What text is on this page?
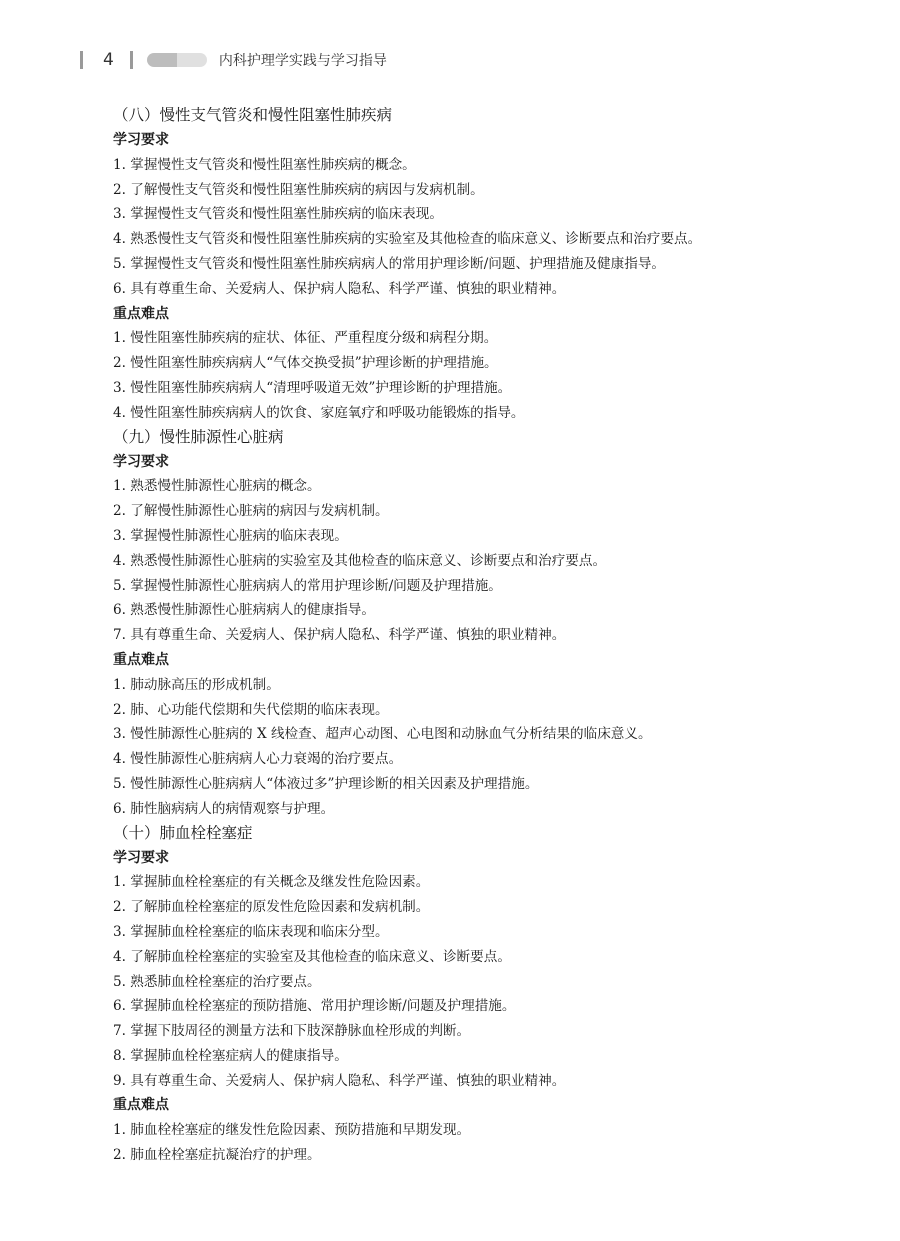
4	内科护理学实践与学习指导
（八）慢性支气管炎和慢性阻塞性肺疾病
学习要求
1. 掌握慢性支气管炎和慢性阻塞性肺疾病的概念。
2. 了解慢性支气管炎和慢性阻塞性肺疾病的病因与发病机制。
3. 掌握慢性支气管炎和慢性阻塞性肺疾病的临床表现。
4. 熟悉慢性支气管炎和慢性阻塞性肺疾病的实验室及其他检查的临床意义、诊断要点和治疗要点。
5. 掌握慢性支气管炎和慢性阻塞性肺疾病病人的常用护理诊断/问题、护理措施及健康指导。
6. 具有尊重生命、关爱病人、保护病人隐私、科学严谨、慎独的职业精神。
重点难点
1. 慢性阻塞性肺疾病的症状、体征、严重程度分级和病程分期。
2. 慢性阻塞性肺疾病病人“气体交换受损”护理诊断的护理措施。
3. 慢性阻塞性肺疾病病人“清理呼吸道无效”护理诊断的护理措施。
4. 慢性阻塞性肺疾病病人的饮食、家庭氧疗和呼吸功能锻炼的指导。
（九）慢性肺源性心脏病
学习要求
1. 熟悉慢性肺源性心脏病的概念。
2. 了解慢性肺源性心脏病的病因与发病机制。
3. 掌握慢性肺源性心脏病的临床表现。
4. 熟悉慢性肺源性心脏病的实验室及其他检查的临床意义、诊断要点和治疗要点。
5. 掌握慢性肺源性心脏病病人的常用护理诊断/问题及护理措施。
6. 熟悉慢性肺源性心脏病病人的健康指导。
7. 具有尊重生命、关爱病人、保护病人隐私、科学严谨、慎独的职业精神。
重点难点
1. 肺动脉高压的形成机制。
2. 肺、心功能代偿期和失代偿期的临床表现。
3. 慢性肺源性心脏病的 X 线检查、超声心动图、心电图和动脉血气分析结果的临床意义。
4. 慢性肺源性心脏病病人心力衰竭的治疗要点。
5. 慢性肺源性心脏病病人“体液过多”护理诊断的相关因素及护理措施。
6. 肺性脑病病人的病情观察与护理。
（十）肺血栓栓塞症
学习要求
1. 掌握肺血栓栓塞症的有关概念及继发性危险因素。
2. 了解肺血栓栓塞症的原发性危险因素和发病机制。
3. 掌握肺血栓栓塞症的临床表现和临床分型。
4. 了解肺血栓栓塞症的实验室及其他检查的临床意义、诊断要点。
5. 熟悉肺血栓栓塞症的治疗要点。
6. 掌握肺血栓栓塞症的预防措施、常用护理诊断/问题及护理措施。
7. 掌握下肢周径的测量方法和下肢深静脉血栓形成的判断。
8. 掌握肺血栓栓塞症病人的健康指导。
9. 具有尊重生命、关爱病人、保护病人隐私、科学严谨、慎独的职业精神。
重点难点
1. 肺血栓栓塞症的继发性危险因素、预防措施和早期发现。
2. 肺血栓栓塞症抗凝治疗的护理。
